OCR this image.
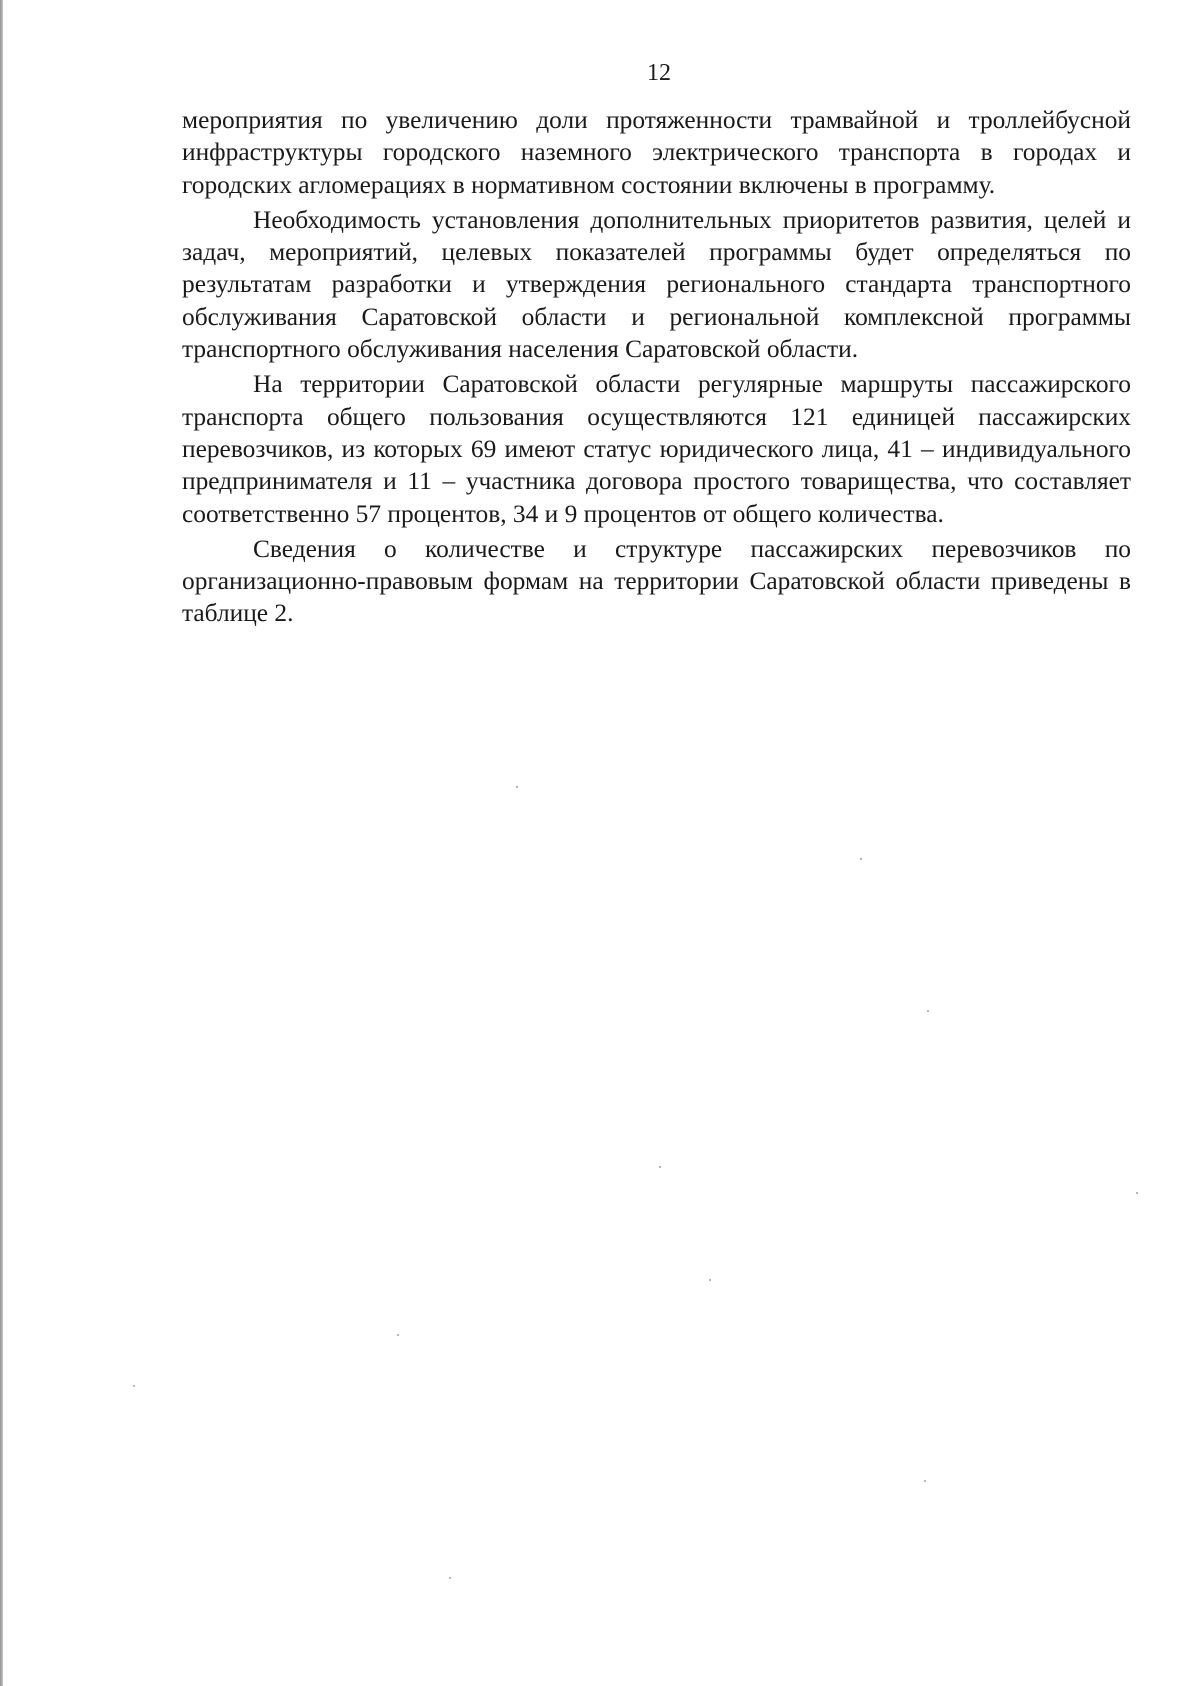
12

мероприятия по увеличению доли протяженности трамвайной и троллейбусной инфраструктуры городского наземного электрического транспорта в городах и городских агломерациях в нормативном состоянии включены в программу.

Необходимость установления дополнительных приоритетов развития, целей и задач, мероприятий, целевых показателей программы будет определяться по результатам разработки и утверждения регионального стандарта транспортного обслуживания Саратовской области и региональной комплексной программы транспортного обслуживания населения Саратовской области.

На территории Саратовской области регулярные маршруты пассажирского транспорта общего пользования осуществляются 121 единицей пассажирских перевозчиков, из которых 69 имеют статус юридического лица, 41 – индивидуального предпринимателя и 11 – участника договора простого товарищества, что составляет соответственно 57 процентов, 34 и 9 процентов от общего количества.

Сведения о количестве и структуре пассажирских перевозчиков по организационно-правовым формам на территории Саратовской области приведены в таблице 2.
